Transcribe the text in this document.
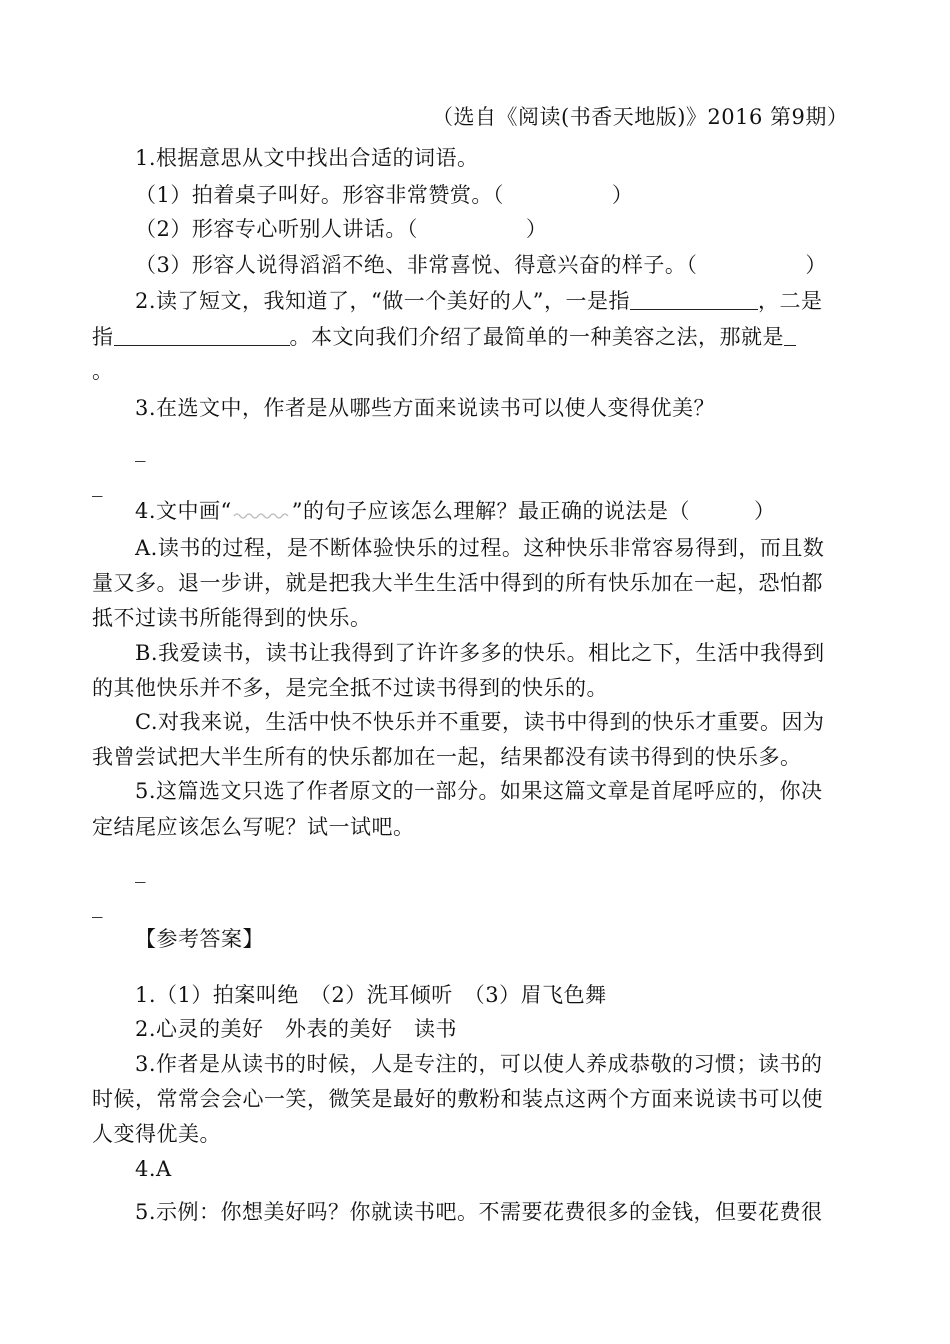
（选自《阅读(书香天地版)》2016 第9期）
1.根据意思从文中找出合适的词语。
（1）拍着桌子叫好。形容非常赞赏。（	）
（2）形容专心听别人讲话。（	）
（3）形容人说得滔滔不绝、非常喜悦、得意兴奋的样子。（	）
2.读了短文，我知道了，“做一个美好的人”，一是指	，二是
指	。本文向我们介绍了最简单的一种美容之法，那就是
。
3.在选文中，作者是从哪些方面来说读书可以使人变得优美？
_
_
4.文中画“	”的句子应该怎么理解？最正确的说法是（	）
A.读书的过程，是不断体验快乐的过程。这种快乐非常容易得到，而且数
量又多。退一步讲，就是把我大半生生活中得到的所有快乐加在一起，恐怕都
抵不过读书所能得到的快乐。
B.我爱读书，读书让我得到了许许多多的快乐。相比之下，生活中我得到
的其他快乐并不多，是完全抵不过读书得到的快乐的。
C.对我来说，生活中快不快乐并不重要，读书中得到的快乐才重要。因为
我曾尝试把大半生所有的快乐都加在一起，结果都没有读书得到的快乐多。
5.这篇选文只选了作者原文的一部分。如果这篇文章是首尾呼应的，你决
定结尾应该怎么写呢？试一试吧。
_
_
【参考答案】
1.（1）拍案叫绝　（2）洗耳倾听　（3）眉飞色舞
2.心灵的美好　外表的美好　读书
3.作者是从读书的时候，人是专注的，可以使人养成恭敬的习惯；读书的
时候，常常会会心一笑，微笑是最好的敷粉和装点这两个方面来说读书可以使
人变得优美。
4.A
5.示例：你想美好吗？你就读书吧。不需要花费很多的金钱，但要花费很
